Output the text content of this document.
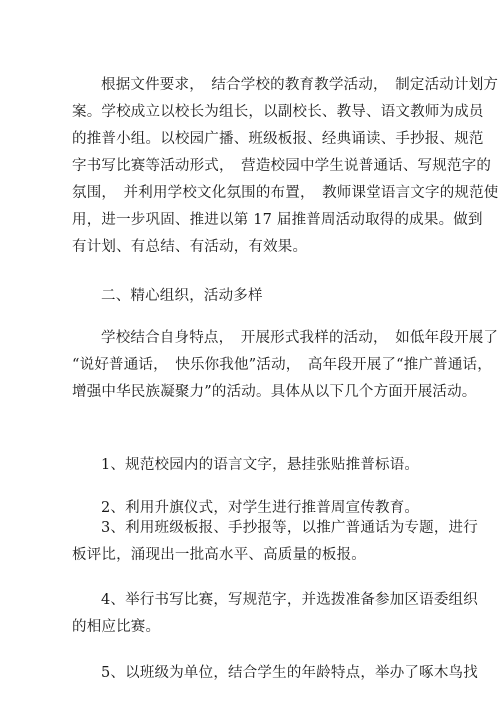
根据文件要求，　结合学校的教育教学活动，　制定活动计划方
案。学校成立以校长为组长，以副校长、教导、语文教师为成员
的推普小组。以校园广播、班级板报、经典诵读、手抄报、规范
字书写比赛等活动形式，　营造校园中学生说普通话、写规范字的
氛围，　并利用学校文化氛围的布置，　教师课堂语言文字的规范使
用，进一步巩固、推进以第 17 届推普周活动取得的成果。做到
有计划、有总结、有活动，有效果。

二、精心组织，活动多样

学校结合自身特点，　开展形式我样的活动，　如低年段开展了
“说好普通话，　快乐你我他”活动，　高年段开展了“推广普通话，
增强中华民族凝聚力”的活动。具体从以下几个方面开展活动。

1、规范校园内的语言文字，悬挂张贴推普标语。

2、利用升旗仪式，对学生进行推普周宣传教育。

3、利用班级板报、手抄报等，以推广普通话为专题，进行
板评比，涌现出一批高水平、高质量的板报。

4、举行书写比赛，写规范字，并选拨准备参加区语委组织
的相应比赛。

5、以班级为单位，结合学生的年龄特点，举办了啄木鸟找
